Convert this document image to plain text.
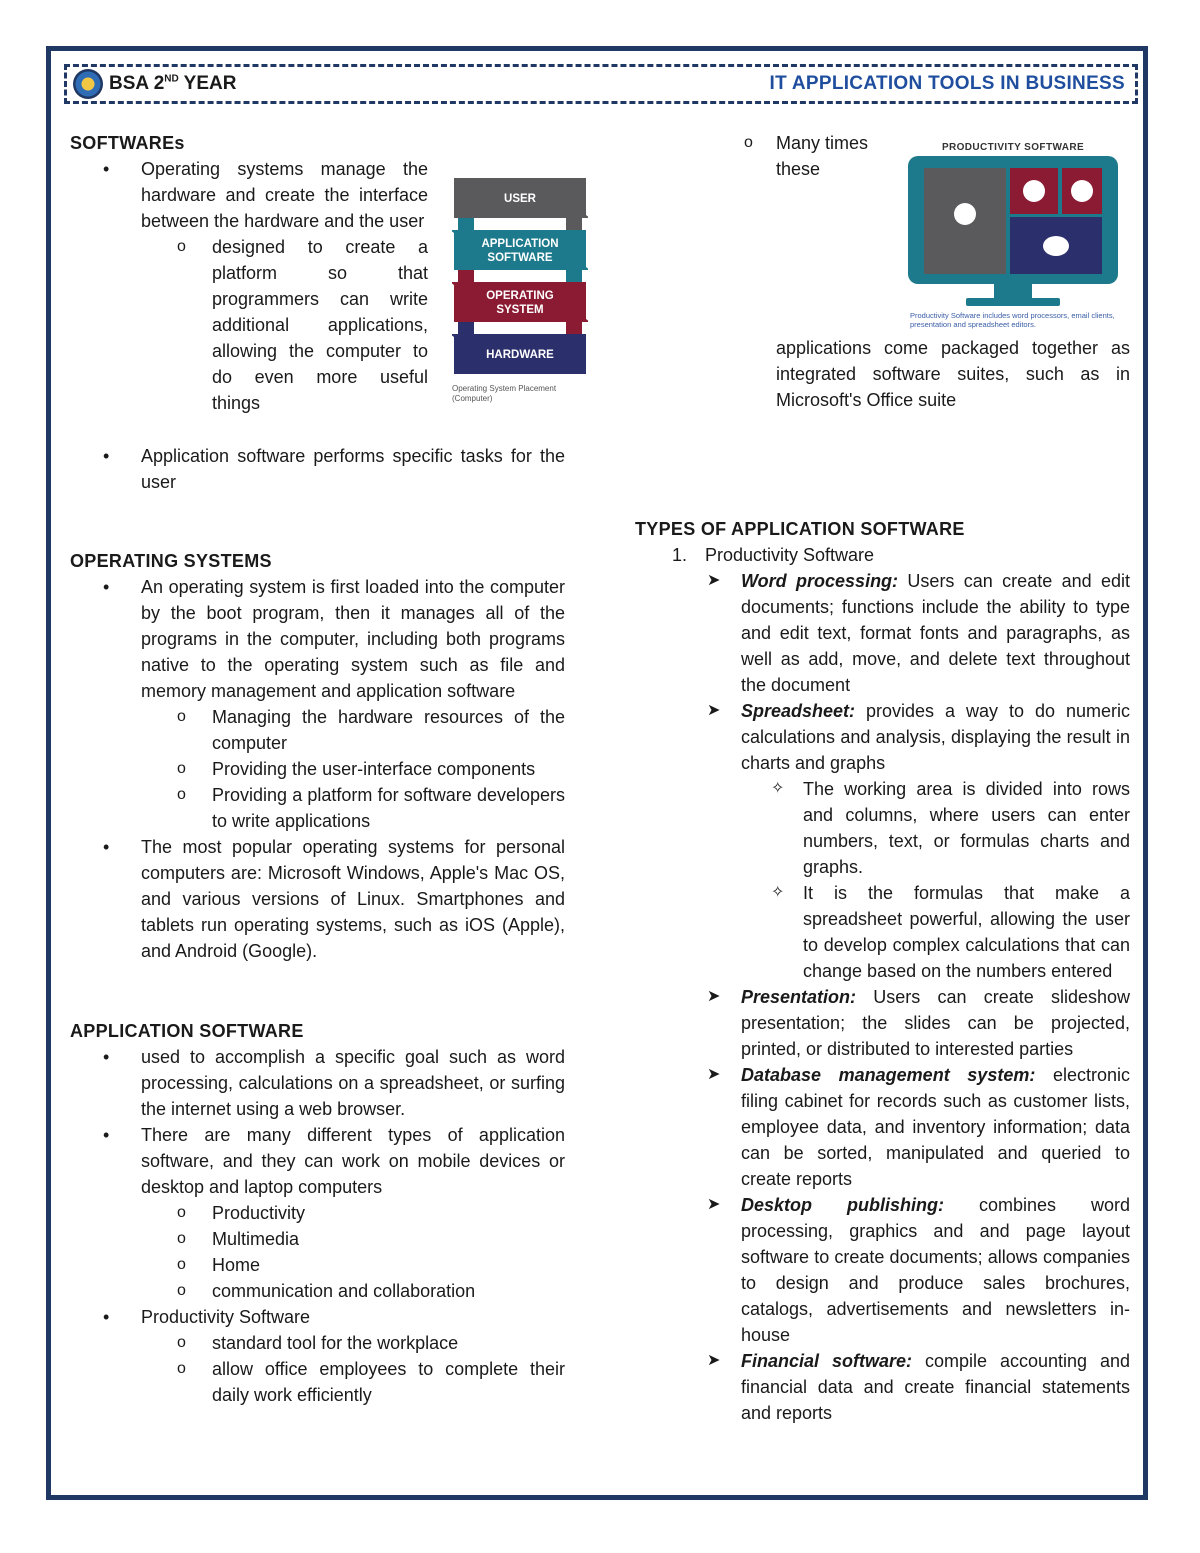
BSA 2ND YEAR	IT APPLICATION TOOLS IN BUSINESS

SOFTWAREs

• Operating systems manage the hardware and create the interface between the hardware and the user
o designed to create a platform so that programmers can write additional applications, allowing the computer to do even more useful things
• Application software performs specific tasks for the user
USER
APPLICATION SOFTWARE
OPERATING SYSTEM
HARDWARE
Operating System Placement (Computer)

OPERATING SYSTEMS

• An operating system is first loaded into the computer by the boot program, then it manages all of the programs in the computer, including both programs native to the operating system such as file and memory management and application software
o Managing the hardware resources of the computer
o Providing the user-interface components
o Providing a platform for software developers to write applications
• The most popular operating systems for personal computers are: Microsoft Windows, Apple's Mac OS, and various versions of Linux. Smartphones and tablets run operating systems, such as iOS (Apple), and Android (Google).

APPLICATION SOFTWARE

• used to accomplish a specific goal such as word processing, calculations on a spreadsheet, or surfing the internet using a web browser.
• There are many different types of application software, and they can work on mobile devices or desktop and laptop computers
o Productivity
o Multimedia
o Home
o communication and collaboration
• Productivity Software
o standard tool for the workplace
o allow office employees to complete their daily work efficiently
o Many times these
PRODUCTIVITY SOFTWARE
Productivity Software includes word processors, email clients, presentation and spreadsheet editors.
applications come packaged together as integrated software suites, such as in Microsoft's Office suite

TYPES OF APPLICATION SOFTWARE

1. Productivity Software
➤ Word processing: Users can create and edit documents; functions include the ability to type and edit text, format fonts and paragraphs, as well as add, move, and delete text throughout the document
➤ Spreadsheet: provides a way to do numeric calculations and analysis, displaying the result in charts and graphs
✧ The working area is divided into rows and columns, where users can enter numbers, text, or formulas charts and graphs.
✧ It is the formulas that make a spreadsheet powerful, allowing the user to develop complex calculations that can change based on the numbers entered
➤ Presentation: Users can create slideshow presentation; the slides can be projected, printed, or distributed to interested parties
➤ Database management system: electronic filing cabinet for records such as customer lists, employee data, and inventory information; data can be sorted, manipulated and queried to create reports
➤ Desktop publishing: combines word processing, graphics and and page layout software to create documents; allows companies to design and produce sales brochures, catalogs, advertisements and newsletters in-house
➤ Financial software: compile accounting and financial data and create financial statements and reports
